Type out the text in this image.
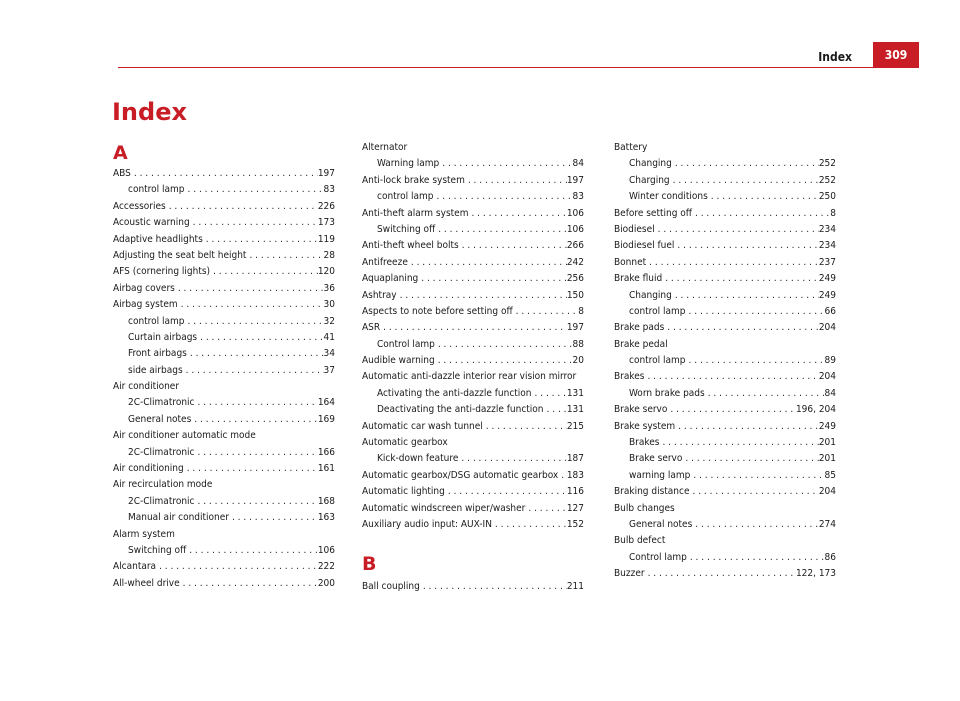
Index	309
Index
A
ABS . . .	197
control lamp . . .	83
Accessories . . .	226
Acoustic warning . . .	173
Adaptive headlights . . .	119
Adjusting the seat belt height . . .	28
AFS (cornering lights) . . .	120
Airbag covers . . .	36
Airbag system . . .	30
control lamp . . .	32
Curtain airbags . . .	41
Front airbags . . .	34
side airbags . . .	37
Air conditioner
2C-Climatronic . . .	164
General notes . . .	169
Air conditioner automatic mode
2C-Climatronic . . .	166
Air conditioning . . .	161
Air recirculation mode
2C-Climatronic . . .	168
Manual air conditioner . . .	163
Alarm system
Switching off . . .	106
Alcantara . . .	222
All-wheel drive . . .	200
Alternator
Warning lamp . . .	84
Anti-lock brake system . . .	197
control lamp . . .	83
Anti-theft alarm system . . .	106
Switching off . . .	106
Anti-theft wheel bolts . . .	266
Antifreeze . . .	242
Aquaplaning . . .	256
Ashtray . . .	150
Aspects to note before setting off . . .	8
ASR . . .	197
Control lamp . . .	88
Audible warning . . .	20
Automatic anti-dazzle interior rear vision mirror
Activating the anti-dazzle function . . .	131
Deactivating the anti-dazzle function . . . 131
Automatic car wash tunnel . . .	215
Automatic gearbox
Kick-down feature . . .	187
Automatic gearbox/DSG automatic gearbox . . . 183
Automatic lighting . . .	116
Automatic windscreen wiper/washer . . .	127
Auxiliary audio input: AUX-IN . . .	152
B
Ball coupling . . .	211
Battery
Changing . . .	252
Charging . . .	252
Winter conditions . . .	250
Before setting off . . .	8
Biodiesel . . .	234
Biodiesel fuel . . .	234
Bonnet . . .	237
Brake fluid . . .	249
Changing . . .	249
control lamp . . .	66
Brake pads . . .	204
Brake pedal
control lamp . . .	89
Brakes . . .	204
Worn brake pads . . .	84
Brake servo . . .	196, 204
Brake system . . .	249
Brakes . . .	201
Brake servo . . .	201
warning lamp . . .	85
Braking distance . . .	204
Bulb changes
General notes . . .	274
Bulb defect
Control lamp . . .	86
Buzzer . . .	122, 173
